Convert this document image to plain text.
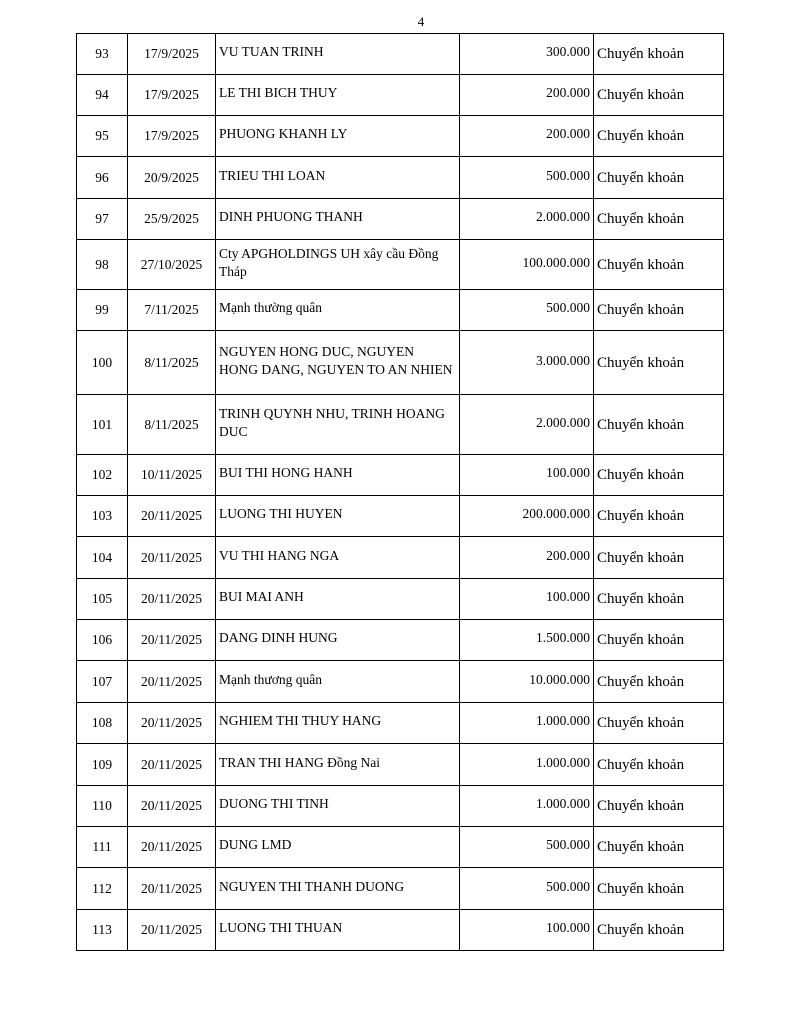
4
93	17/9/2025	VU TUAN TRINH	300.000	Chuyển khoản
94	17/9/2025	LE THI BICH THUY	200.000	Chuyển khoản
95	17/9/2025	PHUONG KHANH LY	200.000	Chuyển khoản
96	20/9/2025	TRIEU THI LOAN	500.000	Chuyển khoản
97	25/9/2025	DINH PHUONG THANH	2.000.000	Chuyển khoản
98	27/10/2025	Cty APGHOLDINGS UH xây cầu Đồng Tháp	100.000.000	Chuyển khoản
99	7/11/2025	Mạnh thường quân	500.000	Chuyển khoản
100	8/11/2025	NGUYEN HONG DUC, NGUYEN HONG DANG, NGUYEN TO AN NHIEN	3.000.000	Chuyển khoản
101	8/11/2025	TRINH QUYNH NHU, TRINH HOANG DUC	2.000.000	Chuyển khoản
102	10/11/2025	BUI THI HONG HANH	100.000	Chuyển khoản
103	20/11/2025	LUONG THI HUYEN	200.000.000	Chuyển khoản
104	20/11/2025	VU THI HANG NGA	200.000	Chuyển khoản
105	20/11/2025	BUI MAI ANH	100.000	Chuyển khoản
106	20/11/2025	DANG DINH HUNG	1.500.000	Chuyển khoản
107	20/11/2025	Mạnh thương quân	10.000.000	Chuyển khoản
108	20/11/2025	NGHIEM THI THUY HANG	1.000.000	Chuyển khoản
109	20/11/2025	TRAN THI HANG Đồng Nai	1.000.000	Chuyển khoản
110	20/11/2025	DUONG THI TINH	1.000.000	Chuyển khoản
111	20/11/2025	DUNG LMD	500.000	Chuyển khoản
112	20/11/2025	NGUYEN THI THANH DUONG	500.000	Chuyển khoản
113	20/11/2025	LUONG THI THUAN	100.000	Chuyển khoản
